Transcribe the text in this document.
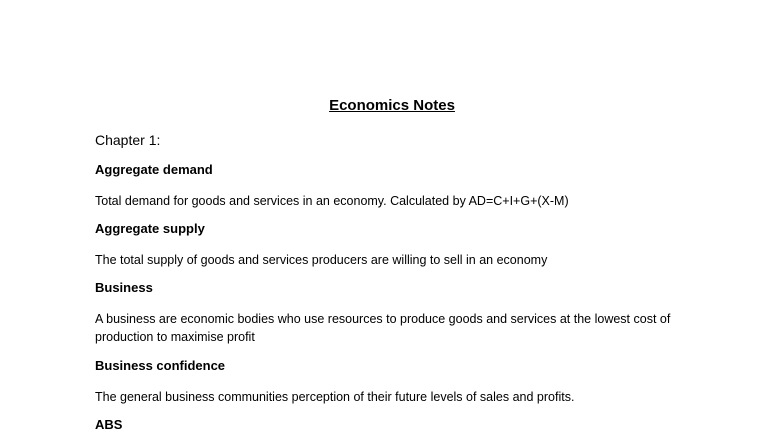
Economics Notes
Chapter 1:
Aggregate demand
Total demand for goods and services in an economy. Calculated by AD=C+I+G+(X-M)
Aggregate supply
The total supply of goods and services producers are willing to sell in an economy
Business
A business are economic bodies who use resources to produce goods and services at the lowest cost of production to maximise profit
Business confidence
The general business communities perception of their future levels of sales and profits.
ABS
